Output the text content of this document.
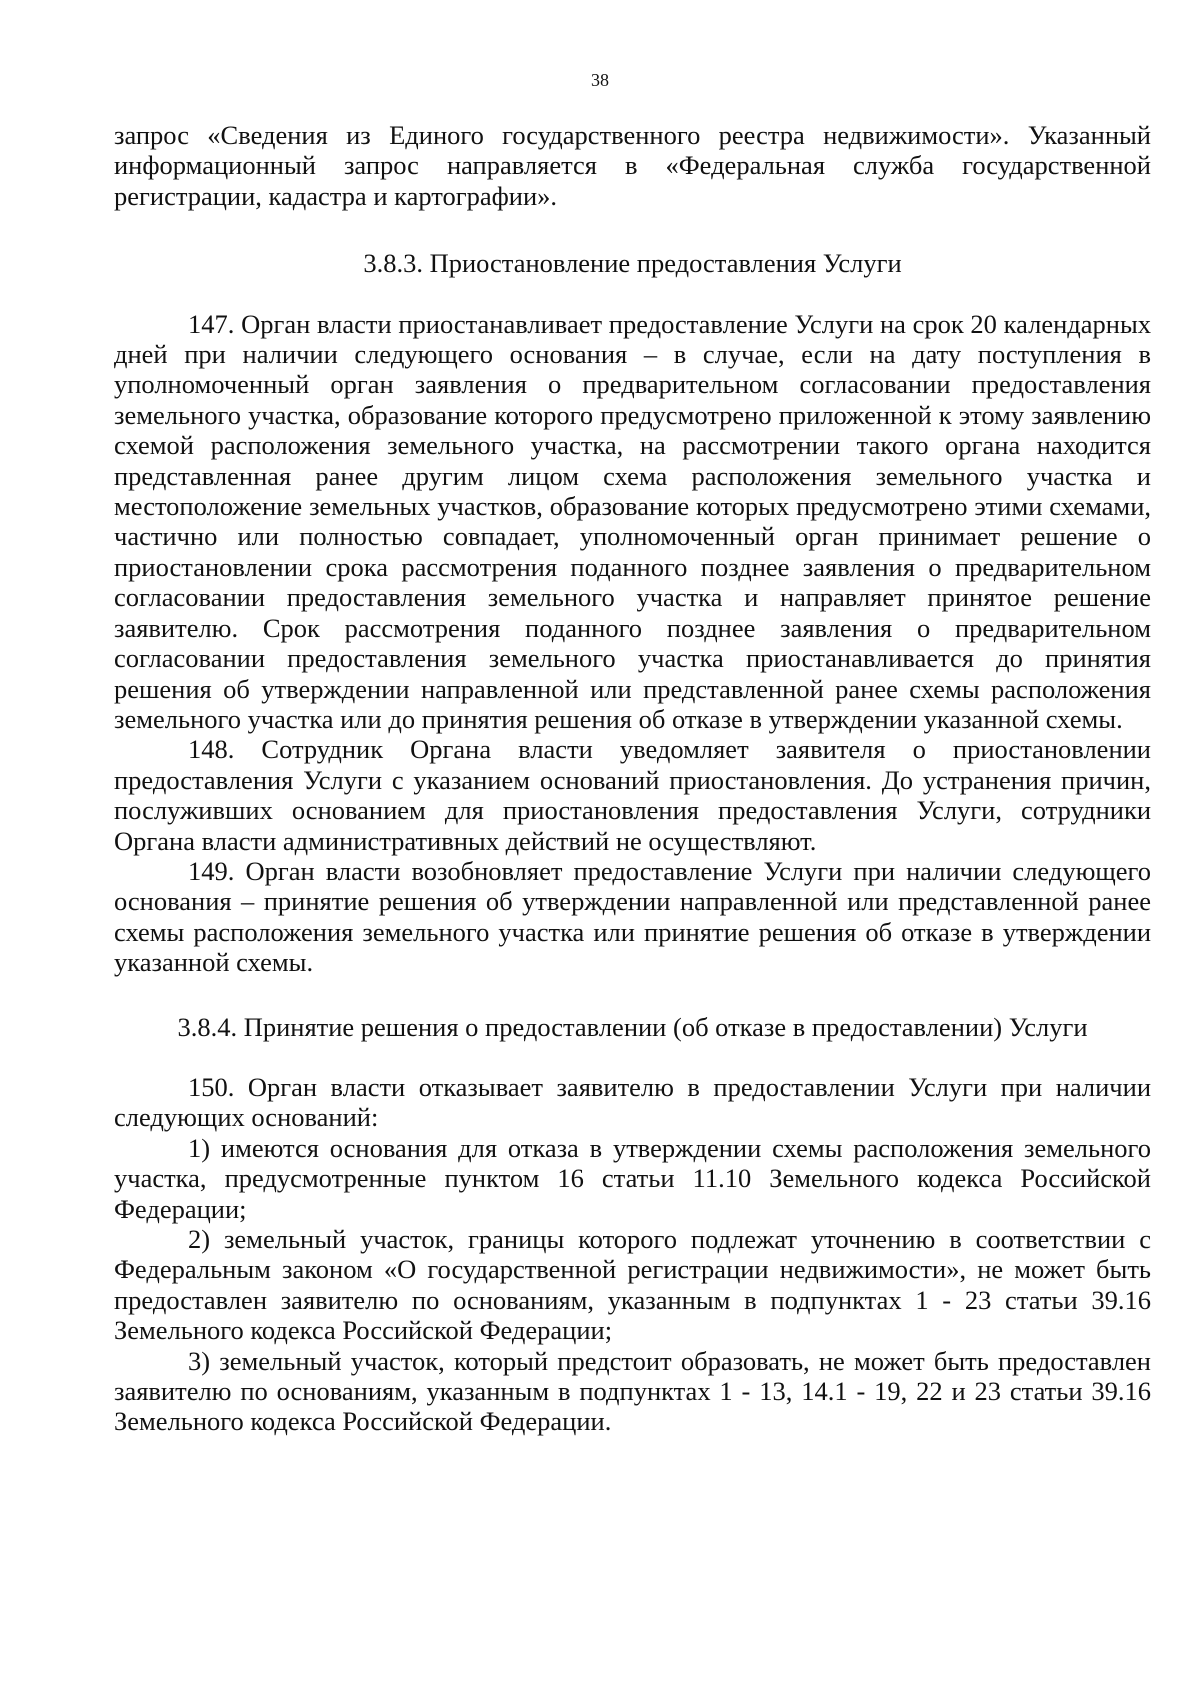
38

запрос «Сведения из Единого государственного реестра недвижимости». Указанный информационный запрос направляется в «Федеральная служба государственной регистрации, кадастра и картографии».

3.8.3. Приостановление предоставления Услуги

147. Орган власти приостанавливает предоставление Услуги на срок 20 календарных дней при наличии следующего основания – в случае, если на дату поступления в уполномоченный орган заявления о предварительном согласовании предоставления земельного участка, образование которого предусмотрено приложенной к этому заявлению схемой расположения земельного участка, на рассмотрении такого органа находится представленная ранее другим лицом схема расположения земельного участка и местоположение земельных участков, образование которых предусмотрено этими схемами, частично или полностью совпадает, уполномоченный орган принимает решение о приостановлении срока рассмотрения поданного позднее заявления о предварительном согласовании предоставления земельного участка и направляет принятое решение заявителю. Срок рассмотрения поданного позднее заявления о предварительном согласовании предоставления земельного участка приостанавливается до принятия решения об утверждении направленной или представленной ранее схемы расположения земельного участка или до принятия решения об отказе в утверждении указанной схемы.

148. Сотрудник Органа власти уведомляет заявителя о приостановлении предоставления Услуги с указанием оснований приостановления. До устранения причин, послуживших основанием для приостановления предоставления Услуги, сотрудники Органа власти административных действий не осуществляют.

149. Орган власти возобновляет предоставление Услуги при наличии следующего основания – принятие решения об утверждении направленной или представленной ранее схемы расположения земельного участка или принятие решения об отказе в утверждении указанной схемы.

3.8.4. Принятие решения о предоставлении (об отказе в предоставлении) Услуги

150. Орган власти отказывает заявителю в предоставлении Услуги при наличии следующих оснований:

1) имеются основания для отказа в утверждении схемы расположения земельного участка, предусмотренные пунктом 16 статьи 11.10 Земельного кодекса Российской Федерации;

2) земельный участок, границы которого подлежат уточнению в соответствии с Федеральным законом «О государственной регистрации недвижимости», не может быть предоставлен заявителю по основаниям, указанным в подпунктах 1 - 23 статьи 39.16 Земельного кодекса Российской Федерации;

3) земельный участок, который предстоит образовать, не может быть предоставлен заявителю по основаниям, указанным в подпунктах 1 - 13, 14.1 - 19, 22 и 23 статьи 39.16 Земельного кодекса Российской Федерации.
